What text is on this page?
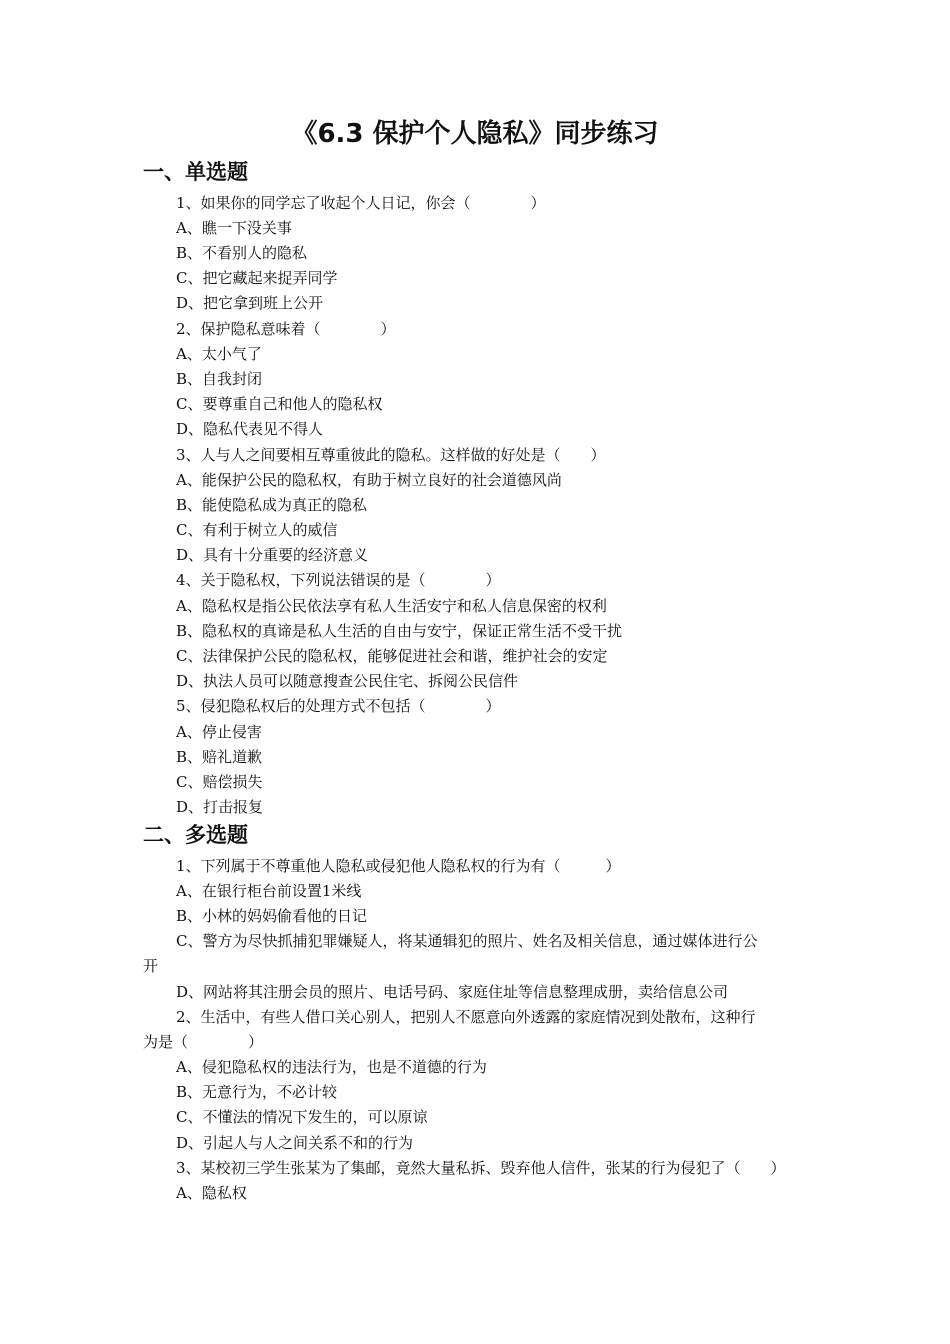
《6.3 保护个人隐私》同步练习
一、单选题
1、如果你的同学忘了收起个人日记，你会（　　　　）
A、瞧一下没关事
B、不看别人的隐私
C、把它藏起来捉弄同学
D、把它拿到班上公开
2、保护隐私意味着（　　　　）
A、太小气了
B、自我封闭
C、要尊重自己和他人的隐私权
D、隐私代表见不得人
3、人与人之间要相互尊重彼此的隐私。这样做的好处是（　　）
A、能保护公民的隐私权，有助于树立良好的社会道德风尚
B、能使隐私成为真正的隐私
C、有利于树立人的威信
D、具有十分重要的经济意义
4、关于隐私权，下列说法错误的是（　　　　）
A、隐私权是指公民依法享有私人生活安宁和私人信息保密的权利
B、隐私权的真谛是私人生活的自由与安宁，保证正常生活不受干扰
C、法律保护公民的隐私权，能够促进社会和谐，维护社会的安定
D、执法人员可以随意搜查公民住宅、拆阅公民信件
5、侵犯隐私权后的处理方式不包括（　　　　）
A、停止侵害
B、赔礼道歉
C、赔偿损失
D、打击报复
二、多选题
1、下列属于不尊重他人隐私或侵犯他人隐私权的行为有（　　　）
A、在银行柜台前设置1米线
B、小林的妈妈偷看他的日记
C、警方为尽快抓捕犯罪嫌疑人，将某通辑犯的照片、姓名及相关信息，通过媒体进行公
开
D、网站将其注册会员的照片、电话号码、家庭住址等信息整理成册，卖给信息公司
2、生活中，有些人借口关心别人，把别人不愿意向外透露的家庭情况到处散布，这种行
为是（　　　　）
A、侵犯隐私权的违法行为，也是不道德的行为
B、无意行为，不必计较
C、不懂法的情况下发生的，可以原谅
D、引起人与人之间关系不和的行为
3、某校初三学生张某为了集邮，竟然大量私拆、毁弃他人信件，张某的行为侵犯了（　　）
A、隐私权
